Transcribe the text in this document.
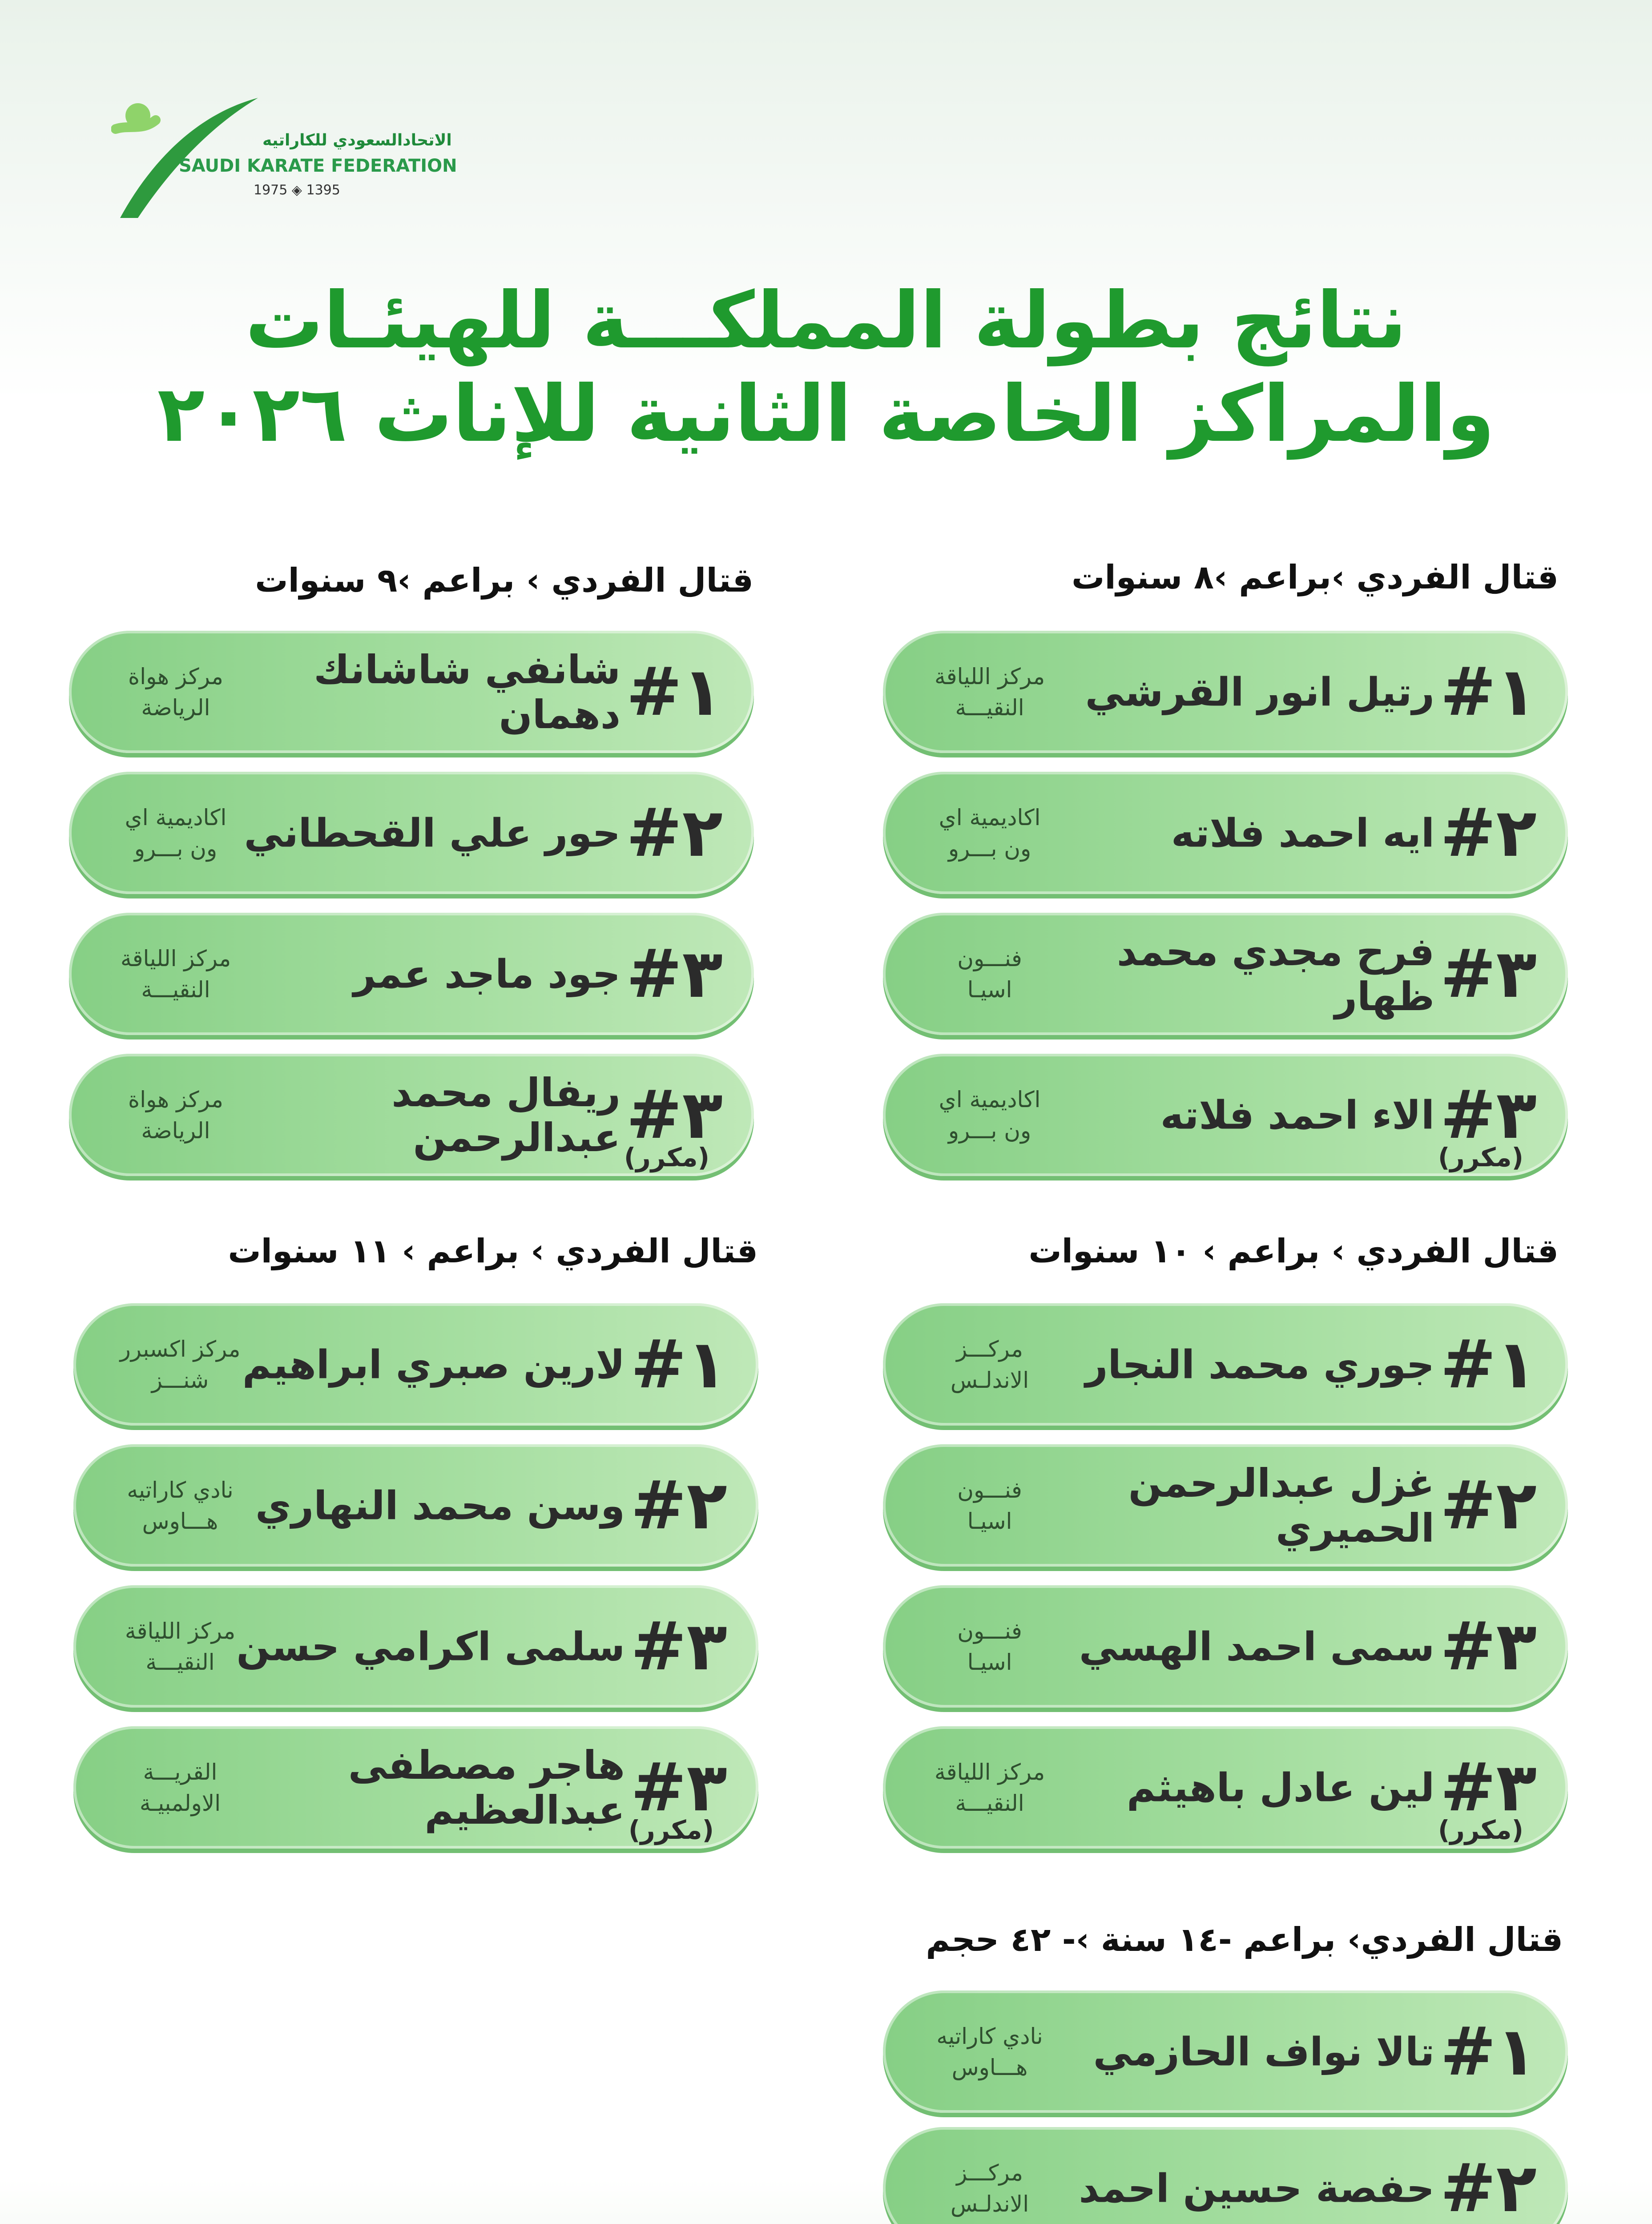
الاتحادالسعودي للكاراتيه
SAUDI KARATE FEDERATION
1975 ◈ 1395
نتائج بطولة المملكـــة للهيئـات
والمراكز الخاصة الثانية للإناث ٢٠٢٦
قتال الفردي ›براعم ›٨ سنوات
قتال الفردي › براعم ›٩ سنوات
قتال الفردي › براعم › ١٠ سنوات
قتال الفردي › براعم › ١١ سنوات
قتال الفردي› براعم -١٤ سنة ›- ٤٢ حجم
١#
رتيل انور القرشي
مركز اللياقة
النقيـــة
٢#
ايه احمد فلاته
اكاديمية اي
ون بـــرو
٣#
فرح مجدي محمد ظهار
فنـــون
اسيـا
٣#
الاء احمد فلاته
(مكرر)
اكاديمية اي
ون بـــرو
١#
شانفي شاشانك دهمان
مركز هواة
الرياضة
٢#
حور علي القحطاني
اكاديمية اي
ون بـــرو
٣#
جود ماجد عمر
مركز اللياقة
النقيـــة
٣#
ريفال محمد عبدالرحمن (مكرر)
مركز هواة
الرياضة
١#
جوري محمد النجار
مركـــز
الاندلـس
٢#
غزل عبدالرحمن الحميري
فنـــون
اسيـا
٣#
سمى احمد الهسي
فنـــون
اسيـا
٣#
لين عادل باهيثم
(مكرر)
مركز اللياقة
النقيـــة
١#
لارين صبري ابراهيم
مركز اكسبرر
شنـــز
٢#
وسن محمد النهاري
نادي كاراتيه
هـــاوس
٣#
سلمى اكرامي حسن
مركز اللياقة
النقيـــة
٣#
هاجر مصطفى عبدالعظيم (مكرر)
القريـــة
الاولمبيـة
١#
تالا نواف الحازمي
نادي كاراتيه
هـــاوس
٢#
حفصة حسين احمد
مركـــز
الاندلـس
